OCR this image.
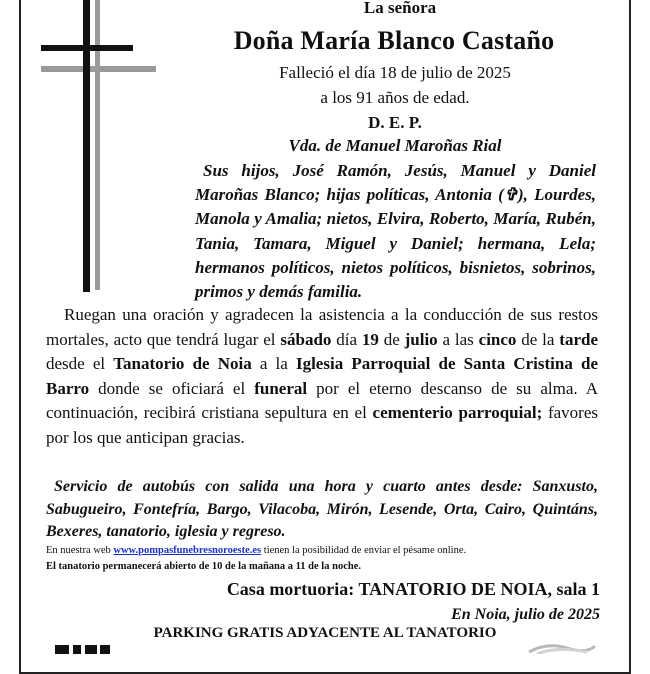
La señora
Doña María Blanco Castaño
Falleció el día 18 de julio de 2025
a los 91 años de edad.
D. E. P.
Vda. de Manuel Maroñas Rial
Sus hijos, José Ramón, Jesús, Manuel y Daniel Maroñas Blanco; hijas políticas, Antonia (✞), Lourdes, Manola y Amalia; nietos, Elvira, Roberto, María, Rubén, Tania, Tamara, Miguel y Daniel; hermana, Lela; hermanos políticos, nietos políticos, bisnietos, sobrinos, primos y demás familia.
Ruegan una oración y agradecen la asistencia a la conducción de sus restos mortales, acto que tendrá lugar el sábado día 19 de julio a las cinco de la tarde desde el Tanatorio de Noia a la Iglesia Parroquial de Santa Cristina de Barro donde se oficiará el funeral por el eterno descanso de su alma. A continuación, recibirá cristiana sepultura en el cementerio parroquial; favores por los que anticipan gracias.
Servicio de autobús con salida una hora y cuarto antes desde: Sanxusto, Sabugueiro, Fontefría, Bargo, Vilacoba, Mirón, Lesende, Orta, Cairo, Quintáns, Bexeres, tanatorio, iglesia y regreso.
En nuestra web www.pompasfunebresnoroeste.es tienen la posibilidad de enviar el pésame online.
El tanatorio permanecerá abierto de 10 de la mañana a 11 de la noche.
Casa mortuoria: TANATORIO DE NOIA, sala 1
En Noia, julio de 2025
PARKING GRATIS ADYACENTE AL TANATORIO
